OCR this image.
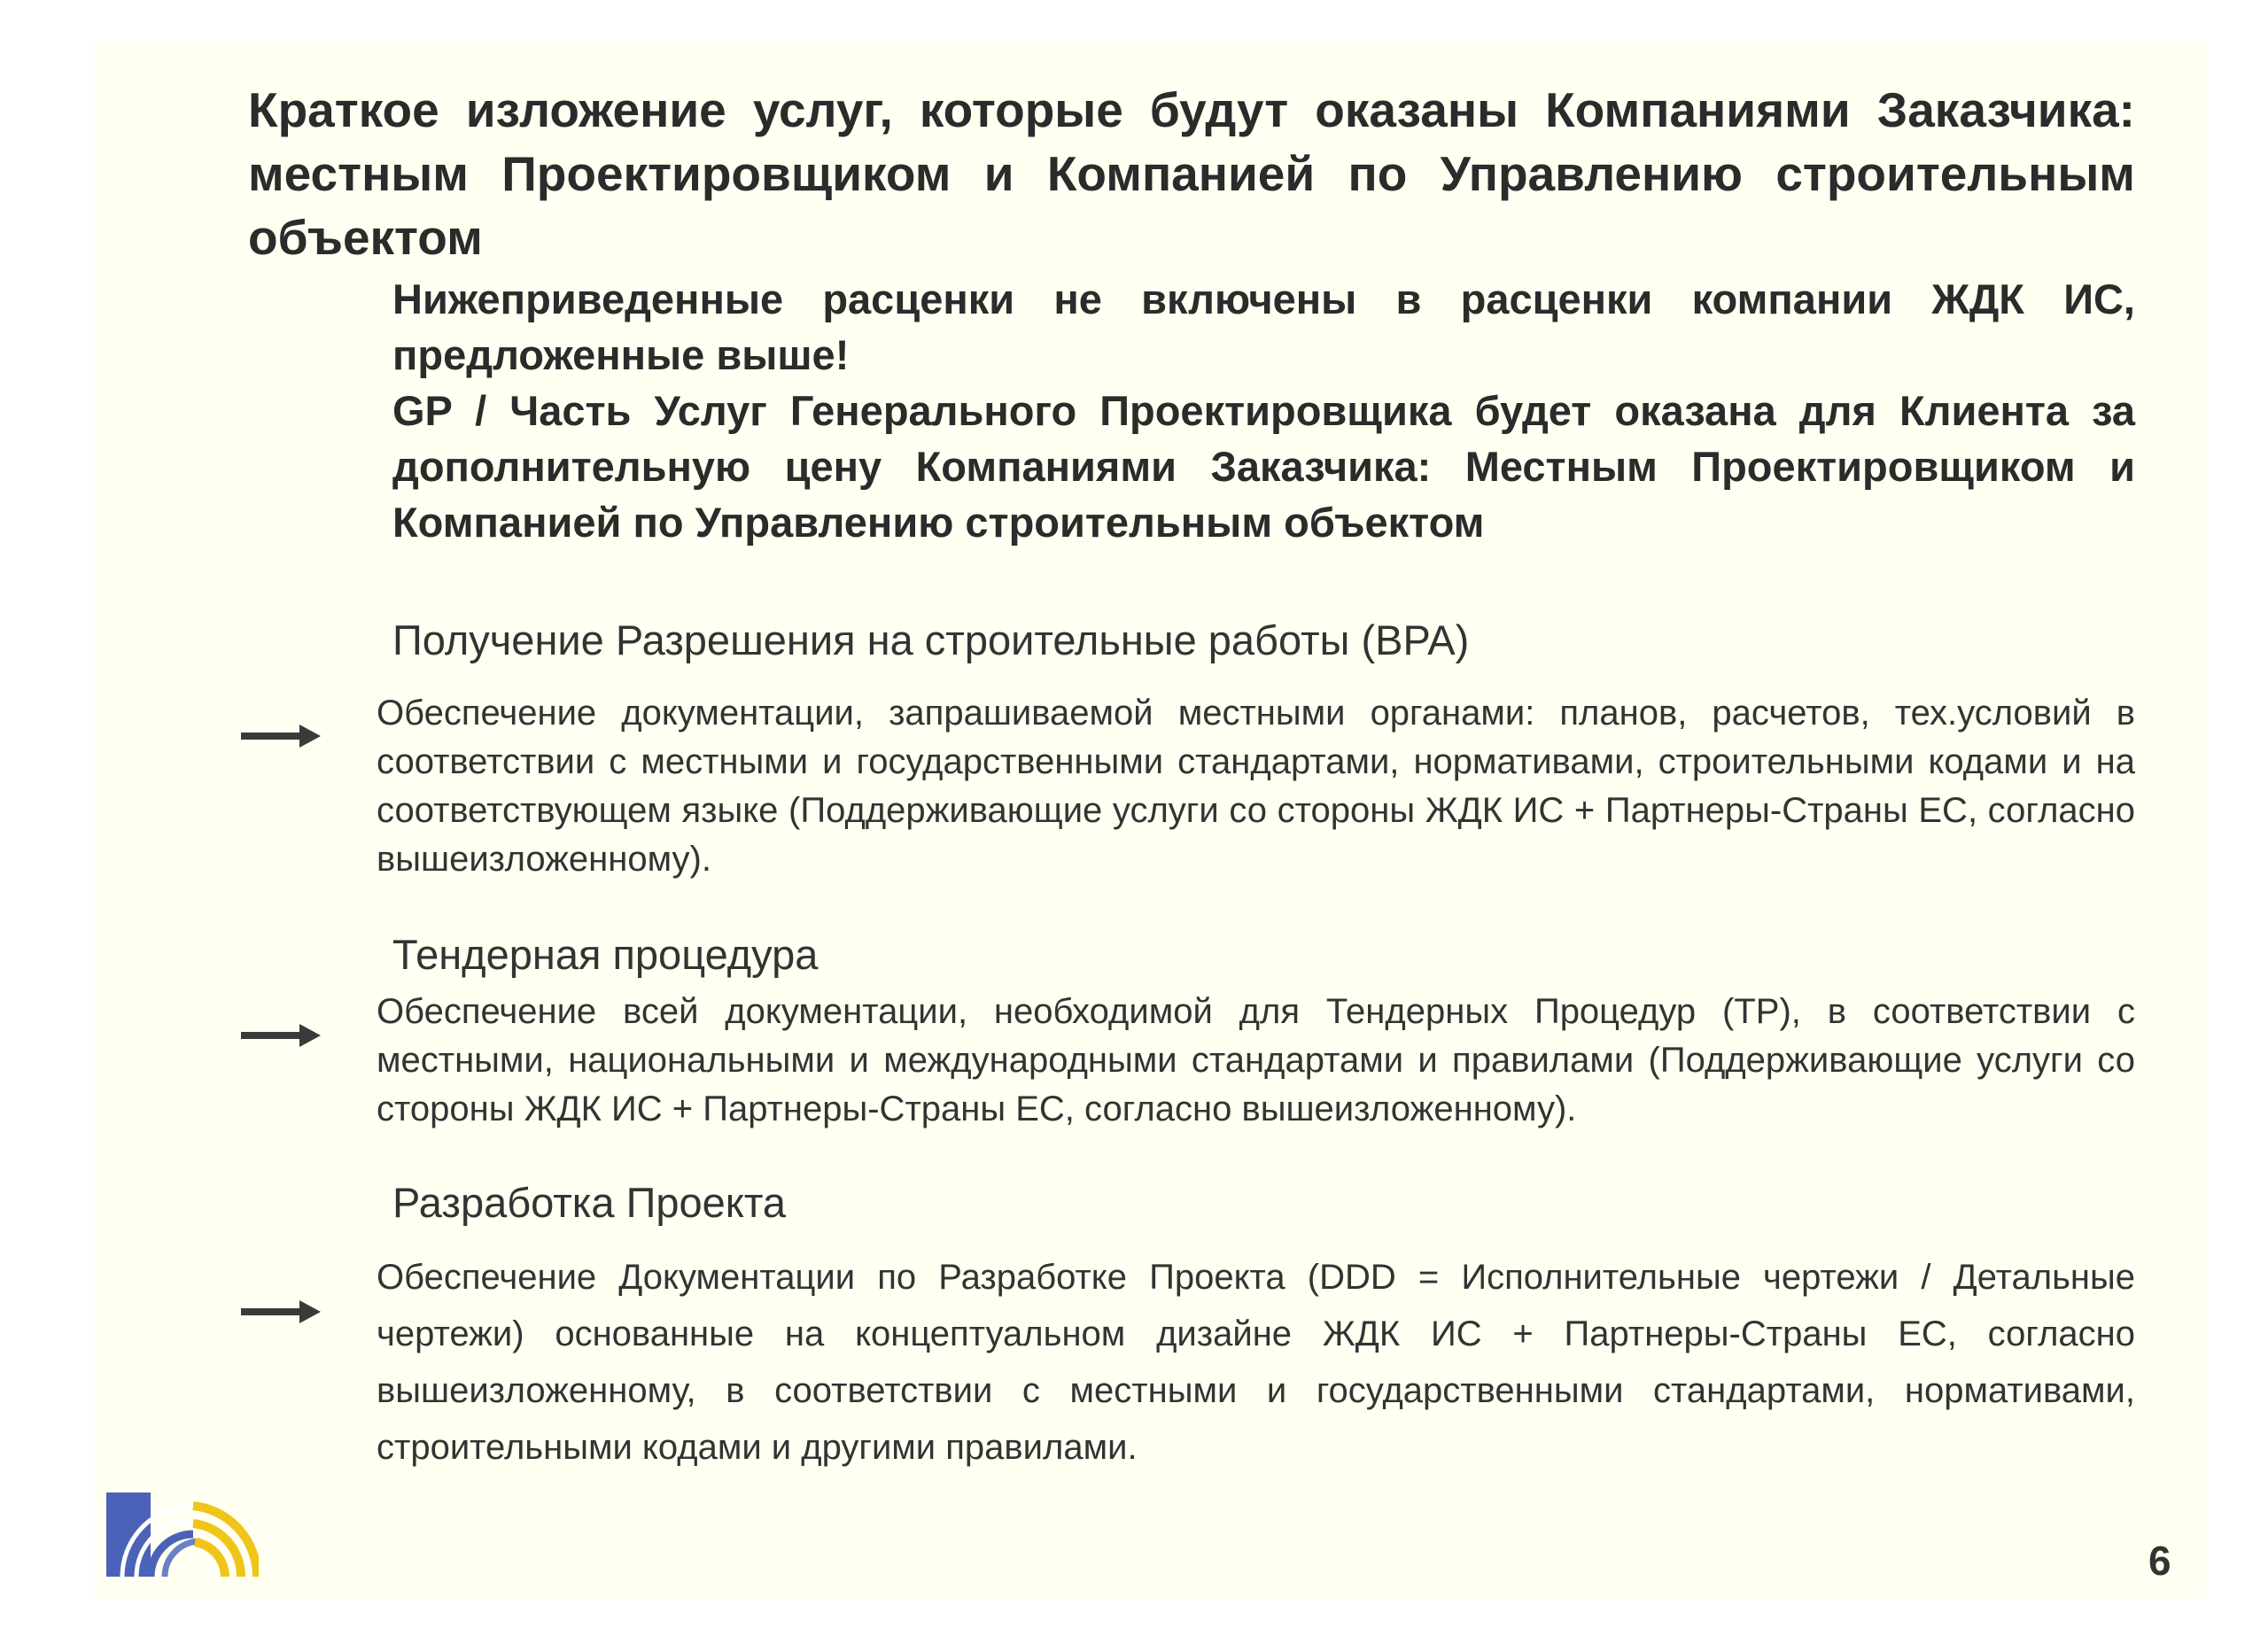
Краткое изложение услуг, которые будут оказаны Компаниями Заказчика: местным Проектировщиком и Компанией по Управлению строительным объектом
Нижеприведенные расценки не включены в расценки компании ЖДК ИС, предложенные выше!
GP / Часть Услуг Генерального Проектировщика будет оказана для Клиента за дополнительную цену Компаниями Заказчика: Местным Проектировщиком и Компанией по Управлению строительным объектом
Получение Разрешения на строительные работы (BPA)

Обеспечение документации, запрашиваемой местными органами: планов, расчетов, тех.условий в соответствии с местными и государственными стандартами, нормативами, строительными кодами и на соответствующем языке (Поддерживающие услуги со стороны ЖДК ИС + Партнеры-Страны ЕС, согласно вышеизложенному).

Тендерная процедура

Обеспечение всей документации, необходимой для Тендерных Процедур (TP), в соответствии с местными, национальными и международными стандартами и правилами (Поддерживающие услуги со стороны ЖДК ИС + Партнеры-Страны ЕС, согласно вышеизложенному).

Разработка Проекта

Обеспечение Документации по Разработке Проекта (DDD = Исполнительные чертежи / Детальные чертежи) основанные на концептуальном дизайне ЖДК ИС + Партнеры-Страны ЕС, согласно вышеизложенному, в соответствии с местными и государственными стандартами, нормативами, строительными кодами и другими правилами.

6
